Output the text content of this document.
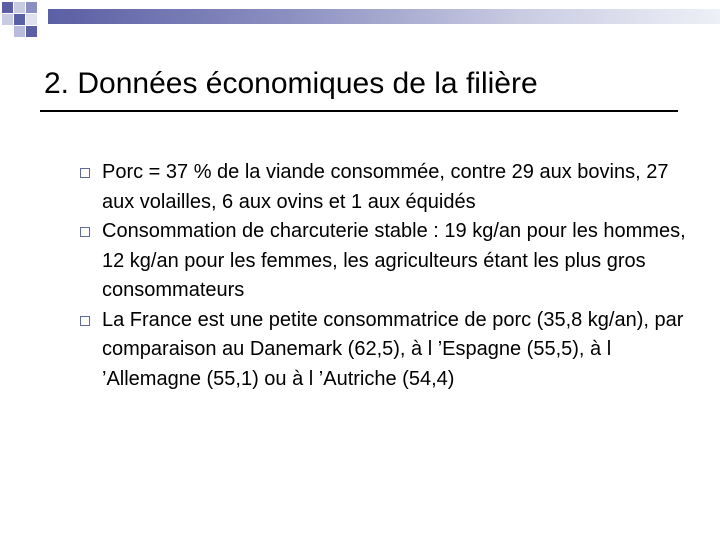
2. Données économiques de la filière
Porc = 37 % de la viande consommée, contre 29 aux bovins, 27 aux volailles, 6 aux ovins et 1 aux équidés
Consommation de charcuterie stable : 19 kg/an pour les hommes, 12 kg/an pour les femmes, les agriculteurs étant les plus gros consommateurs
La France est une petite consommatrice de porc (35,8 kg/an), par comparaison au Danemark (62,5), à l ’Espagne (55,5), à l ’Allemagne (55,1) ou à l ’Autriche (54,4)
